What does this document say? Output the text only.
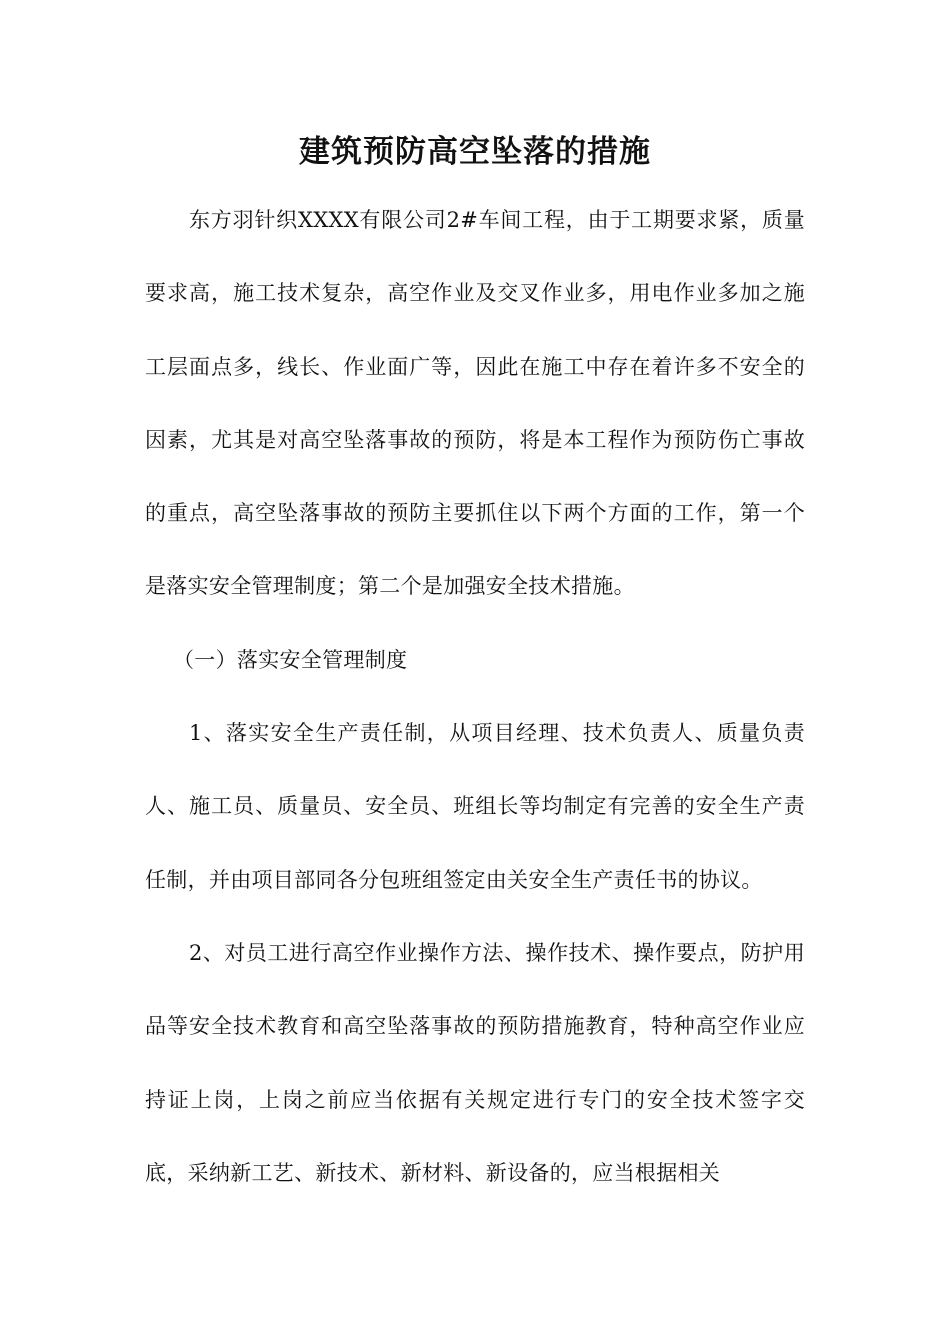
建筑预防高空坠落的措施

东方羽针织XXXX有限公司2#车间工程，由于工期要求紧，质量要求高，施工技术复杂，高空作业及交叉作业多，用电作业多加之施工层面点多，线长、作业面广等，因此在施工中存在着许多不安全的因素，尤其是对高空坠落事故的预防，将是本工程作为预防伤亡事故的重点，高空坠落事故的预防主要抓住以下两个方面的工作，第一个是落实安全管理制度；第二个是加强安全技术措施。

（一）落实安全管理制度

1、落实安全生产责任制，从项目经理、技术负责人、质量负责人、施工员、质量员、安全员、班组长等均制定有完善的安全生产责任制，并由项目部同各分包班组签定由关安全生产责任书的协议。

2、对员工进行高空作业操作方法、操作技术、操作要点，防护用品等安全技术教育和高空坠落事故的预防措施教育，特种高空作业应持证上岗，上岗之前应当依据有关规定进行专门的安全技术签字交底，采纳新工艺、新技术、新材料、新设备的，应当根据相关
